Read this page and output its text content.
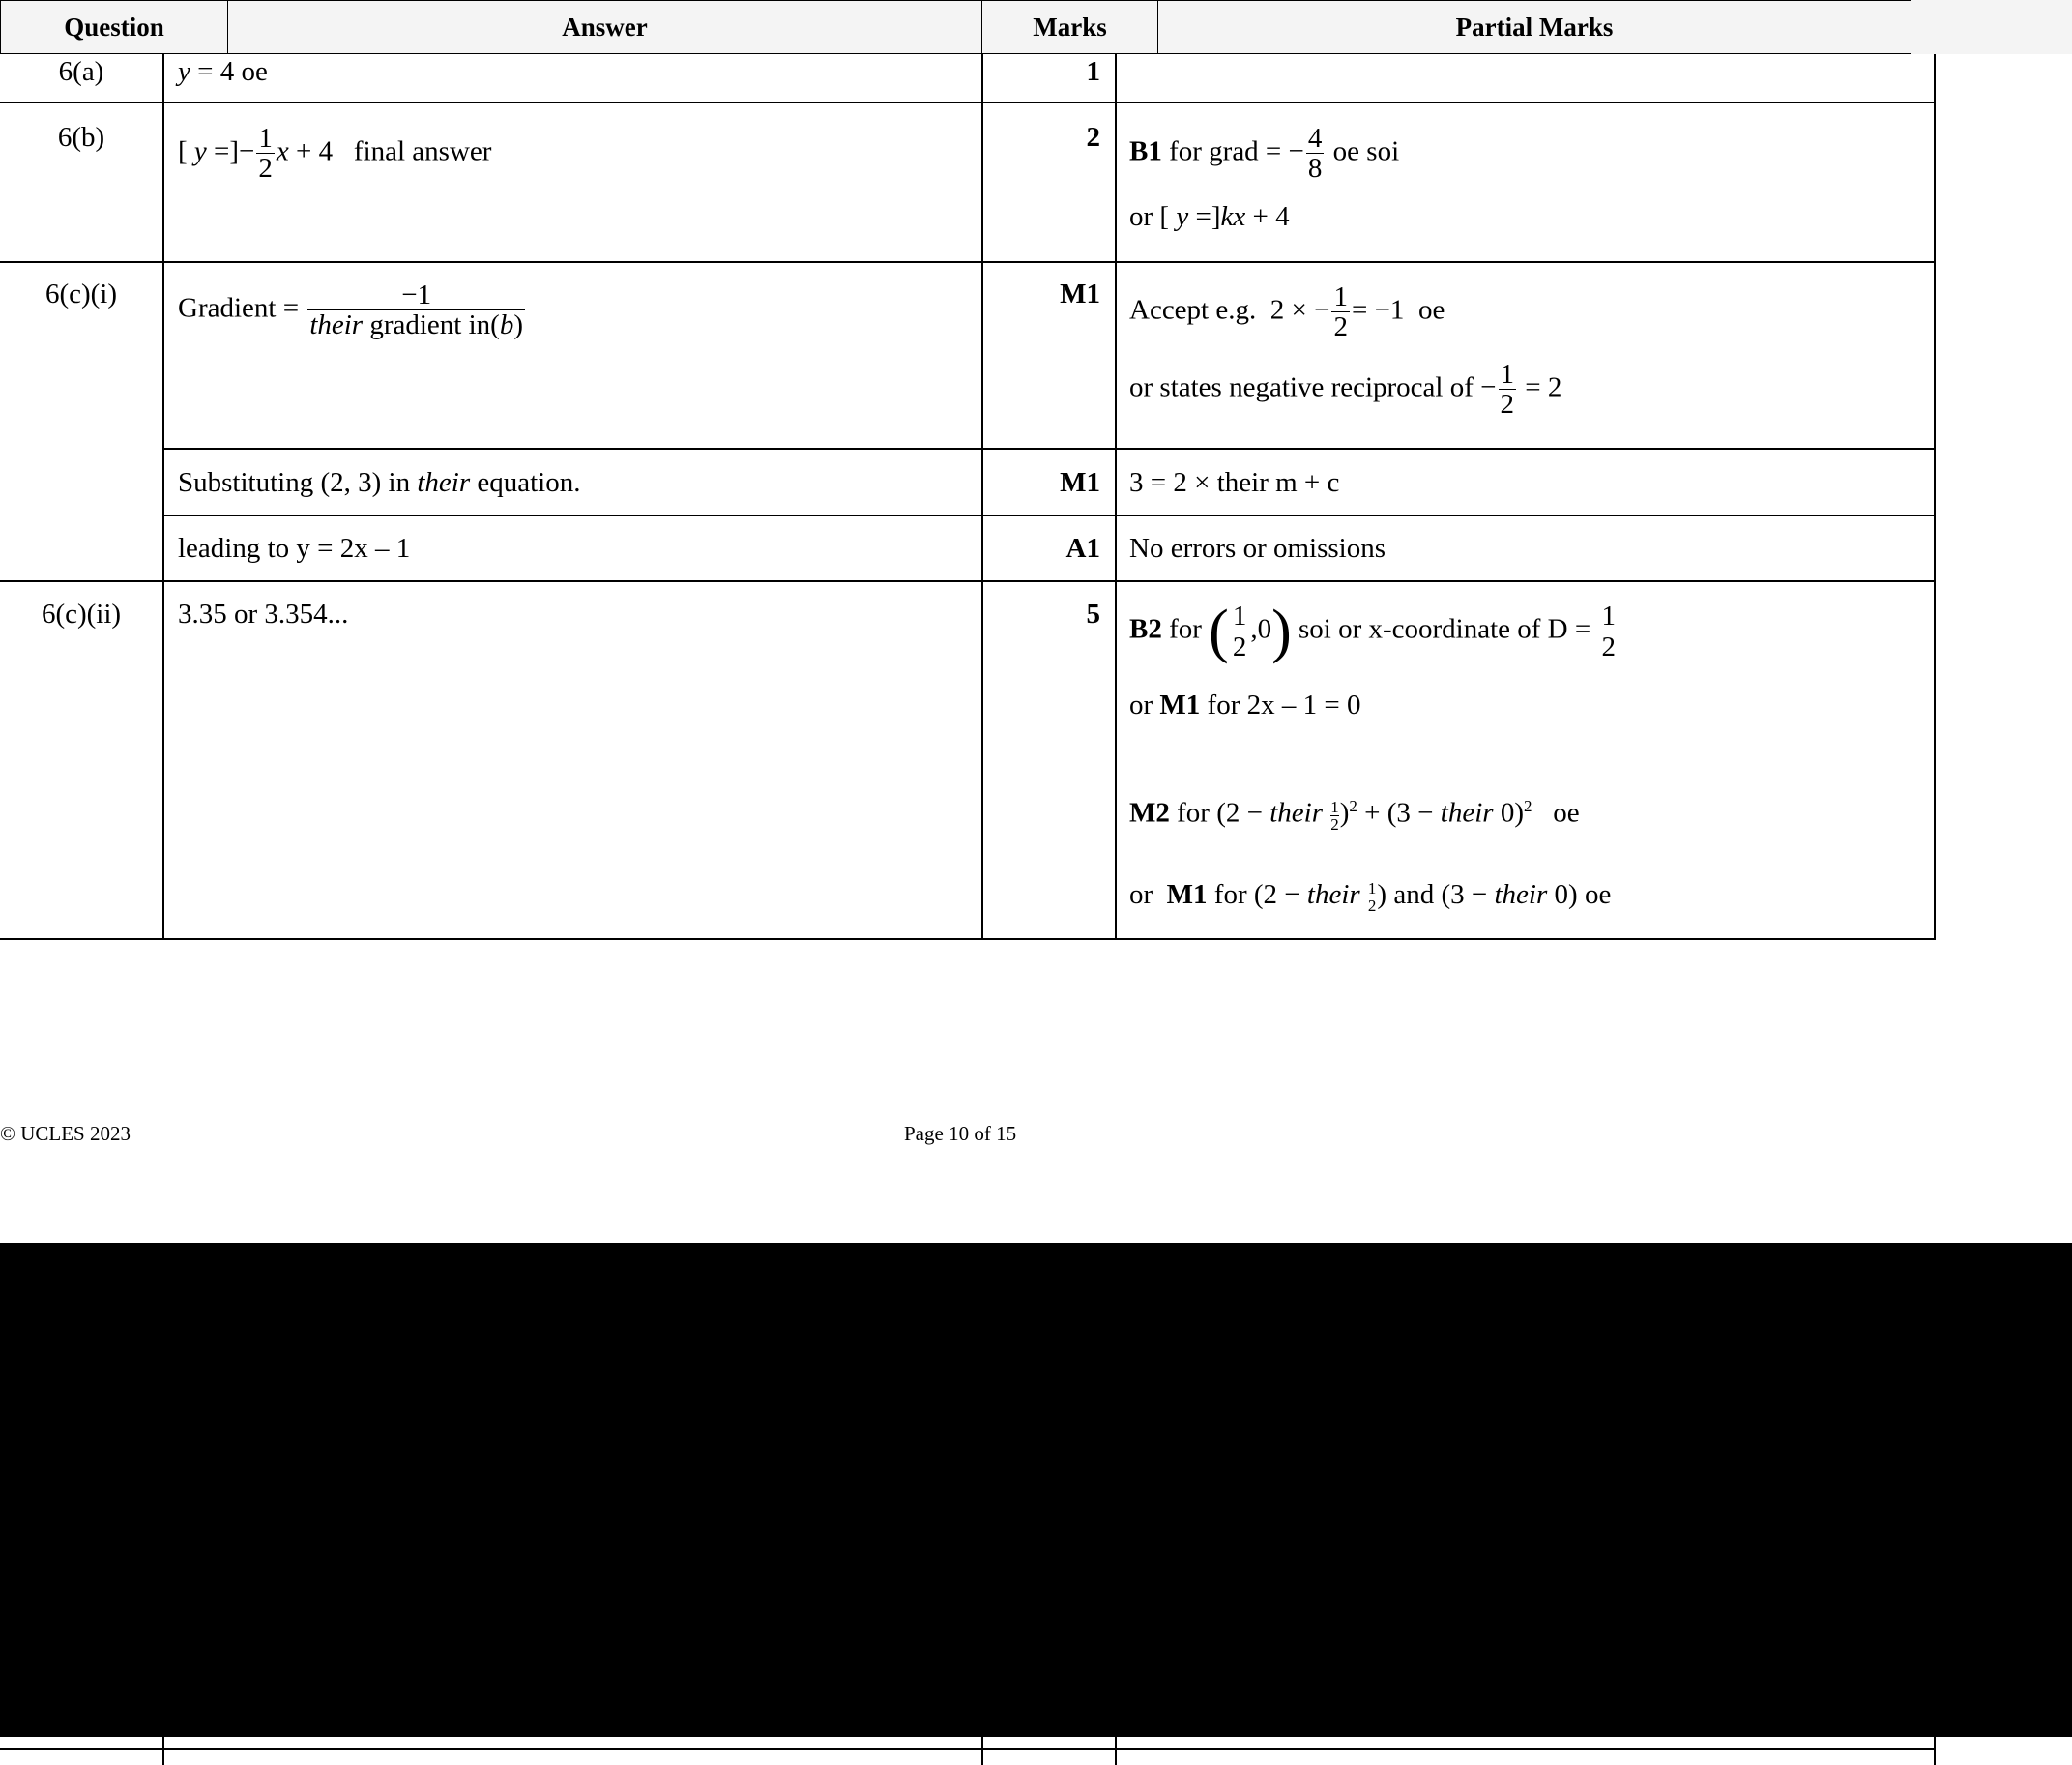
Question	Answer	Marks	Partial Marks
6(a)	y = 4 oe	1
6(b)	[ y =]− $\frac{1}{2}$ x + 4   final answer	2 B1 for grad = − $\frac{4}{8}$ oe soi
or [ y =]kx + 4
6(c)(i)	Gradient = $\frac{-1}{\text{their gradient in(b)}}$	M1
Accept e.g.  2 × − $\frac{1}{2} = -1$  oe
or states negative reciprocal of − $\frac{1}{2} = 2$
Substituting (2, 3) in their equation.	M1 3 = 2 × their m + c
leading to y = 2x – 1	A1 No errors or omissions
6(c)(ii)	3.35 or 3.354...	5 B2 for ( $\frac{1}{2} ,0$) soi or x-coordinate of $D = \frac{1}{2}$
or M1 for 2x – 1 = 0
M2 for (2 − their $\frac{1}{2} )^2 + (3$ − their 0)$^2$ oe
or M1 for (2 − their $\frac{1}{2}$ ) and (3 − their 0) oe
© UCLES 2023	Page 10 of 15
